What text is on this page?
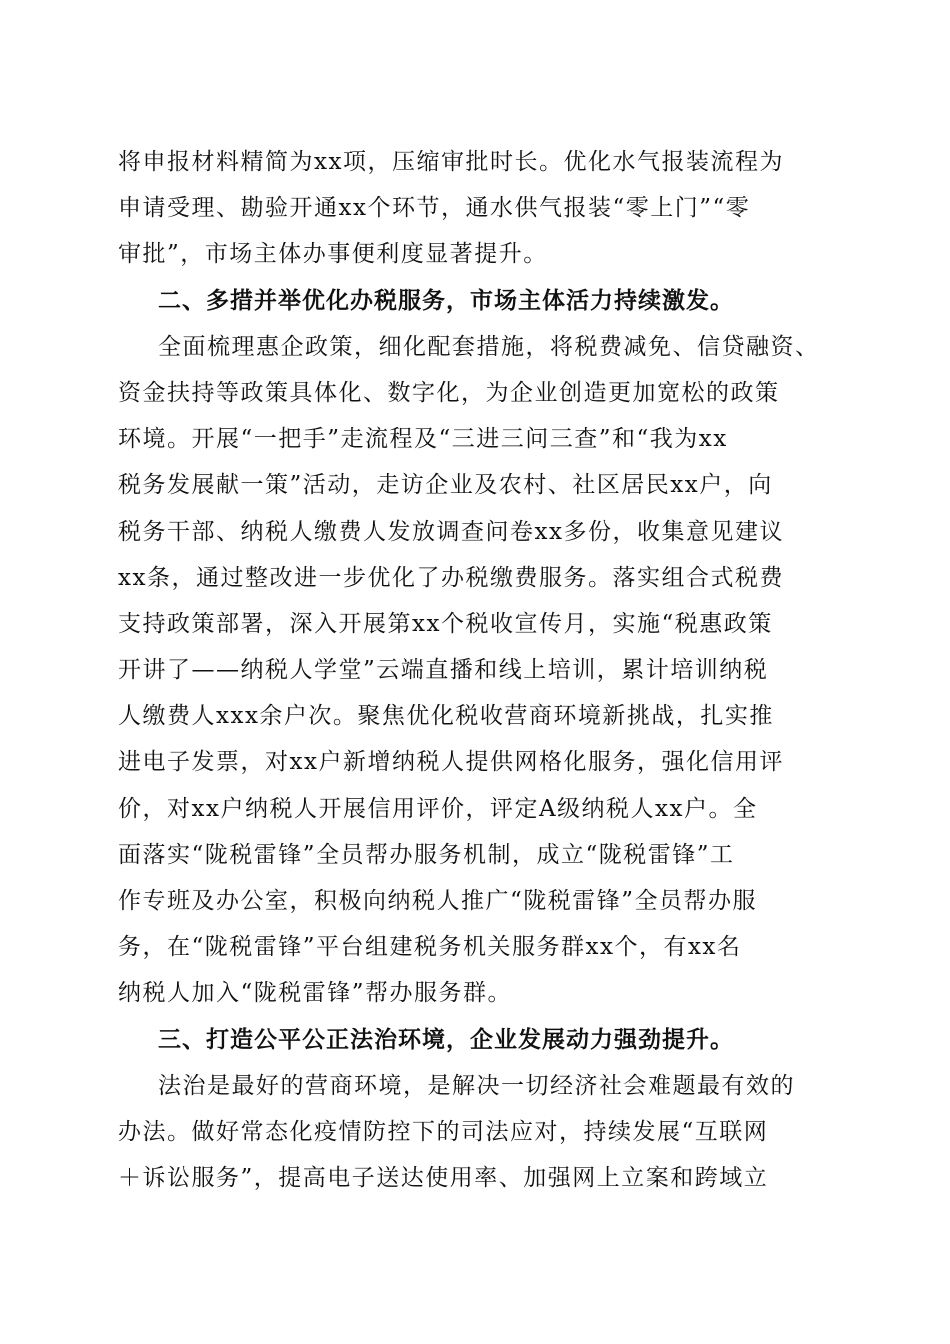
将申报材料精简为xx项，压缩审批时长。优化水气报装流程为
申请受理、勘验开通xx个环节，通水供气报装“零上门”“零
审批”，市场主体办事便利度显著提升。
二、多措并举优化办税服务，市场主体活力持续激发。
全面梳理惠企政策，细化配套措施，将税费减免、信贷融资、
资金扶持等政策具体化、数字化，为企业创造更加宽松的政策
环境。开展“一把手”走流程及“三进三问三查”和“我为xx
税务发展献一策”活动，走访企业及农村、社区居民xx户，向
税务干部、纳税人缴费人发放调查问卷xx多份，收集意见建议
xx条，通过整改进一步优化了办税缴费服务。落实组合式税费
支持政策部署，深入开展第xx个税收宣传月，实施“税惠政策
开讲了——纳税人学堂”云端直播和线上培训，累计培训纳税
人缴费人xxx余户次。聚焦优化税收营商环境新挑战，扎实推
进电子发票，对xx户新增纳税人提供网格化服务，强化信用评
价，对xx户纳税人开展信用评价，评定A级纳税人xx户。全
面落实“陇税雷锋”全员帮办服务机制，成立“陇税雷锋”工
作专班及办公室，积极向纳税人推广“陇税雷锋”全员帮办服
务，在“陇税雷锋”平台组建税务机关服务群xx个，有xx名
纳税人加入“陇税雷锋”帮办服务群。
三、打造公平公正法治环境，企业发展动力强劲提升。
法治是最好的营商环境，是解决一切经济社会难题最有效的
办法。做好常态化疫情防控下的司法应对，持续发展“互联网
＋诉讼服务”，提高电子送达使用率、加强网上立案和跨域立
